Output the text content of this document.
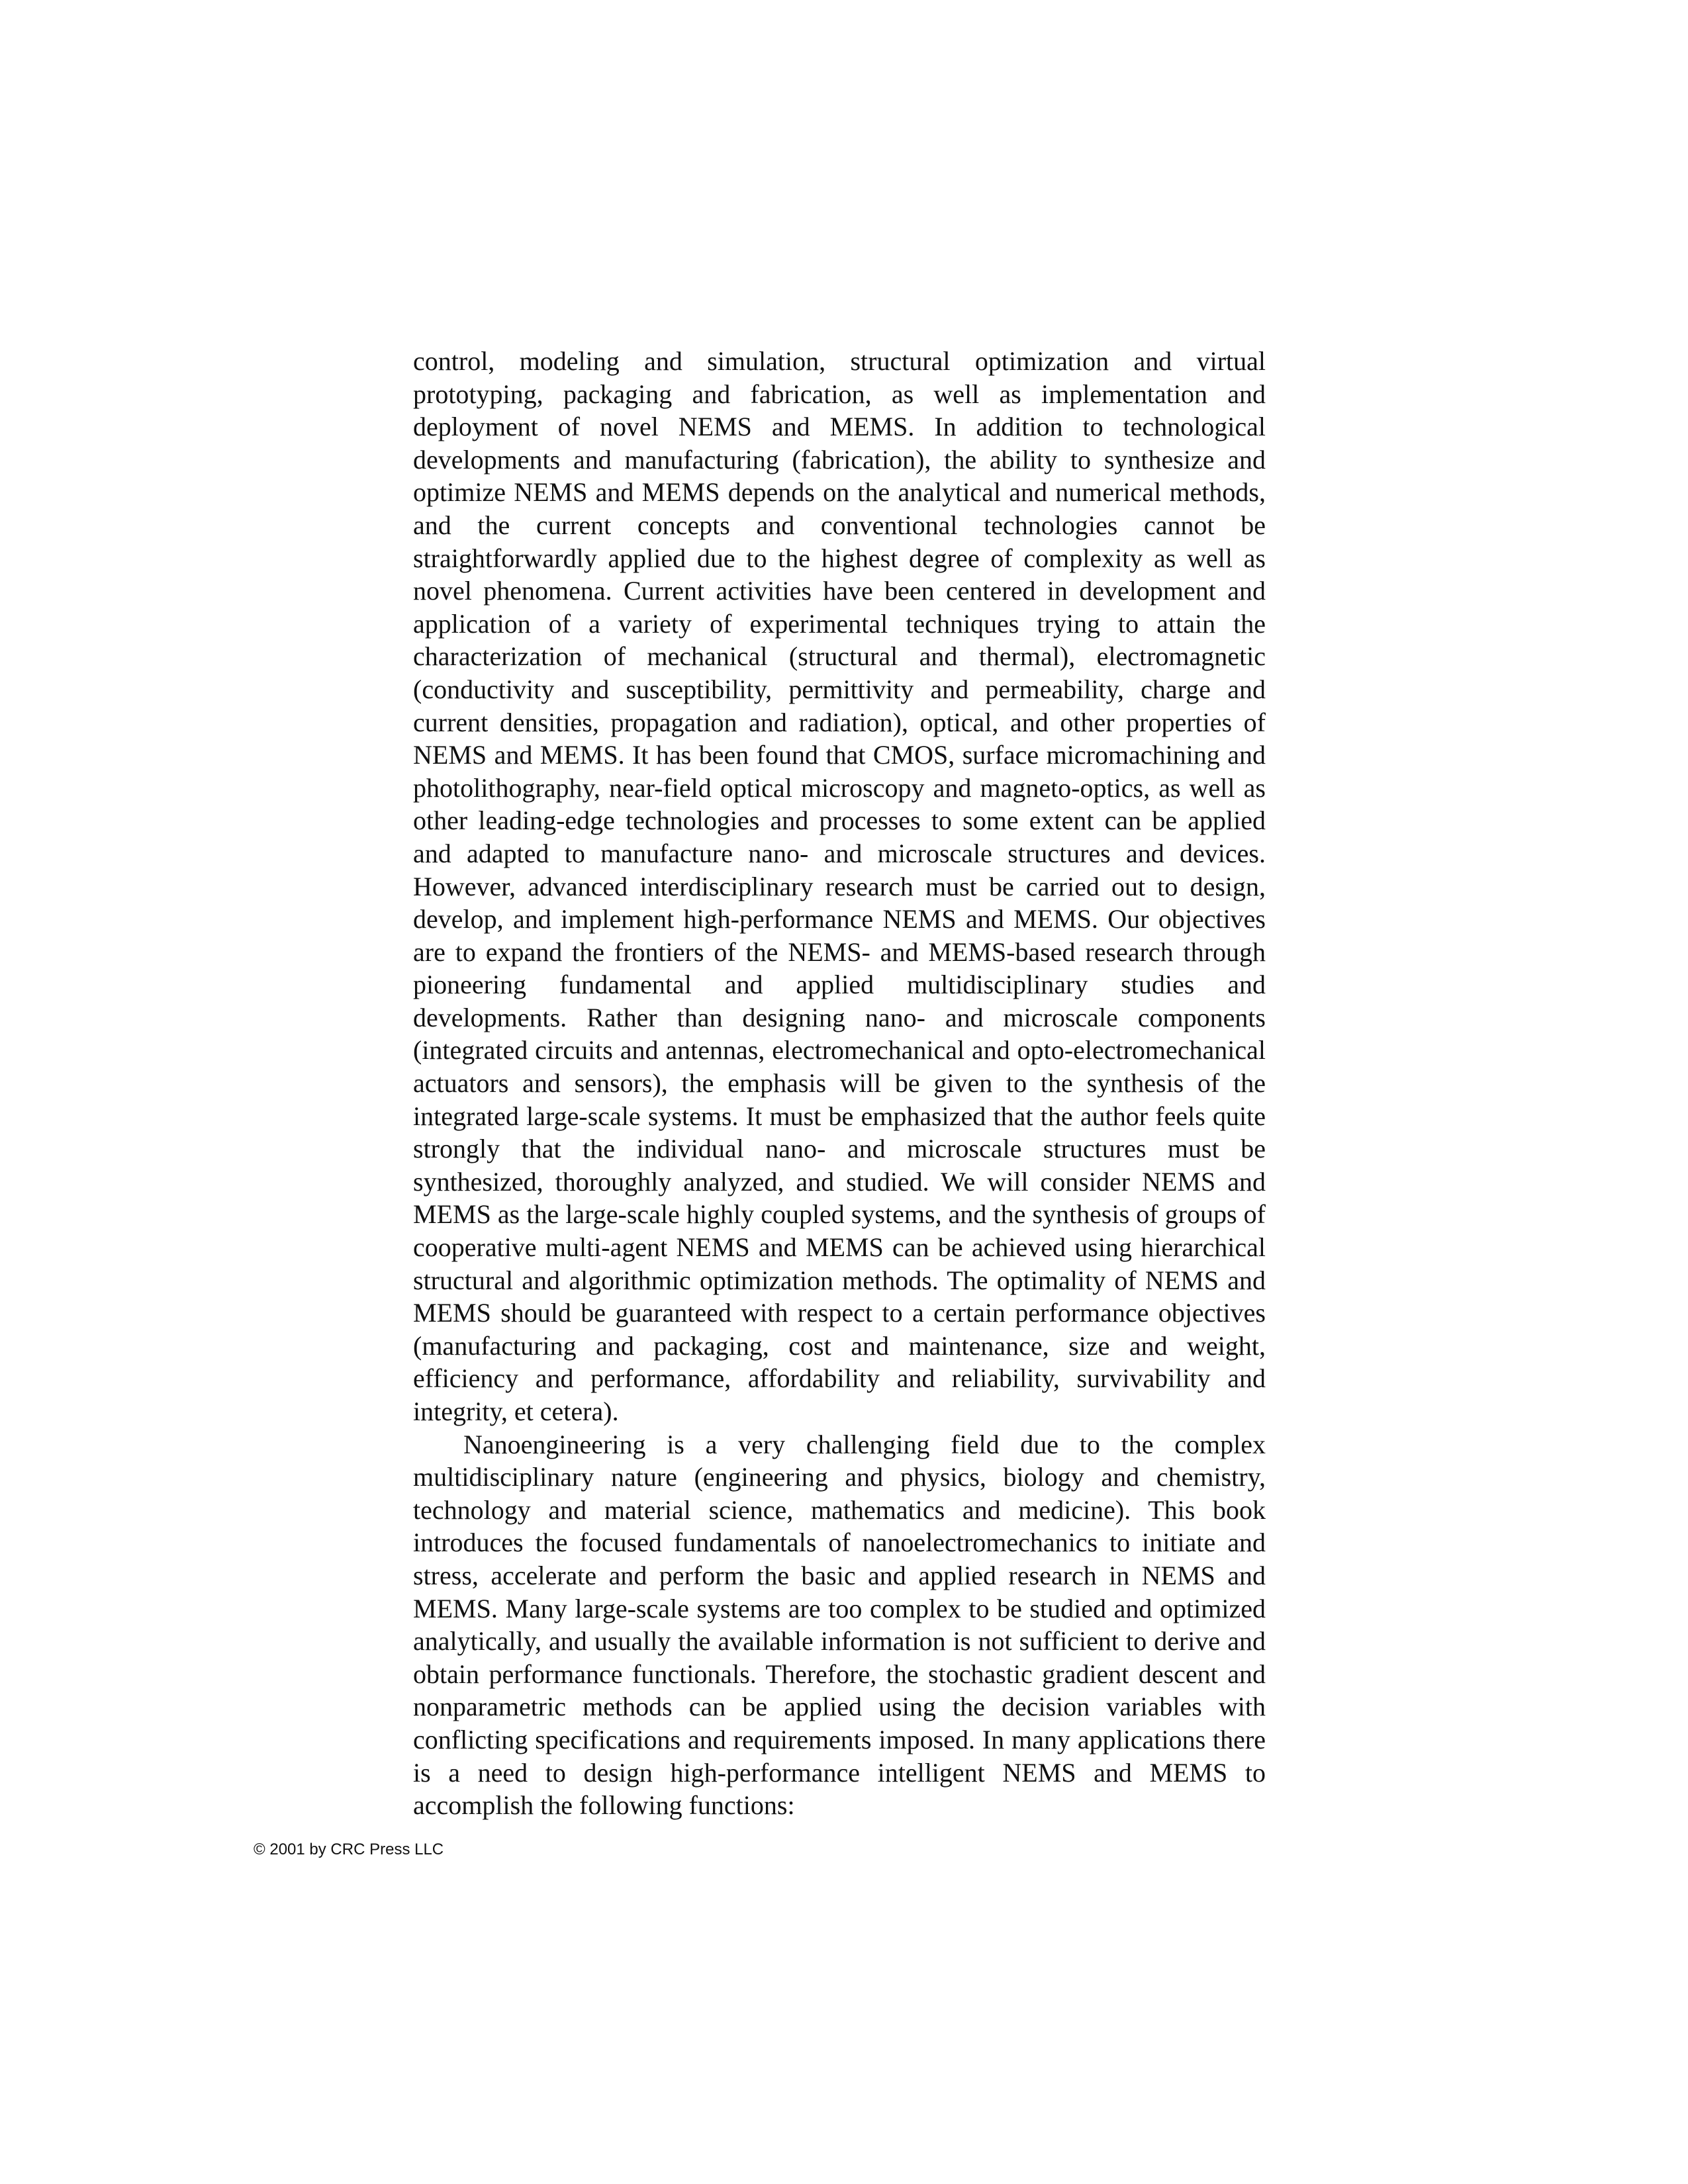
control, modeling and simulation, structural optimization and virtual prototyping, packaging and fabrication, as well as implementation and deployment of novel NEMS and MEMS. In addition to technological developments and manufacturing (fabrication), the ability to synthesize and optimize NEMS and MEMS depends on the analytical and numerical methods, and the current concepts and conventional technologies cannot be straightforwardly applied due to the highest degree of complexity as well as novel phenomena. Current activities have been centered in development and application of a variety of experimental techniques trying to attain the characterization of mechanical (structural and thermal), electromagnetic (conductivity and susceptibility, permittivity and permeability, charge and current densities, propagation and radiation), optical, and other properties of NEMS and MEMS. It has been found that CMOS, surface micromachining and photolithography, near-field optical microscopy and magneto-optics, as well as other leading-edge technologies and processes to some extent can be applied and adapted to manufacture nano- and microscale structures and devices. However, advanced interdisciplinary research must be carried out to design, develop, and implement high-performance NEMS and MEMS. Our objectives are to expand the frontiers of the NEMS- and MEMS-based research through pioneering fundamental and applied multidisciplinary studies and developments. Rather than designing nano- and microscale components (integrated circuits and antennas, electromechanical and opto-electromechanical actuators and sensors), the emphasis will be given to the synthesis of the integrated large-scale systems. It must be emphasized that the author feels quite strongly that the individual nano- and microscale structures must be synthesized, thoroughly analyzed, and studied. We will consider NEMS and MEMS as the large-scale highly coupled systems, and the synthesis of groups of cooperative multi-agent NEMS and MEMS can be achieved using hierarchical structural and algorithmic optimization methods. The optimality of NEMS and MEMS should be guaranteed with respect to a certain performance objectives (manufacturing and packaging, cost and maintenance, size and weight, efficiency and performance, affordability and reliability, survivability and integrity, et cetera).

Nanoengineering is a very challenging field due to the complex multidisciplinary nature (engineering and physics, biology and chemistry, technology and material science, mathematics and medicine). This book introduces the focused fundamentals of nanoelectromechanics to initiate and stress, accelerate and perform the basic and applied research in NEMS and MEMS. Many large-scale systems are too complex to be studied and optimized analytically, and usually the available information is not sufficient to derive and obtain performance functionals. Therefore, the stochastic gradient descent and nonparametric methods can be applied using the decision variables with conflicting specifications and requirements imposed. In many applications there is a need to design high-performance intelligent NEMS and MEMS to accomplish the following functions:

© 2001 by CRC Press LLC
